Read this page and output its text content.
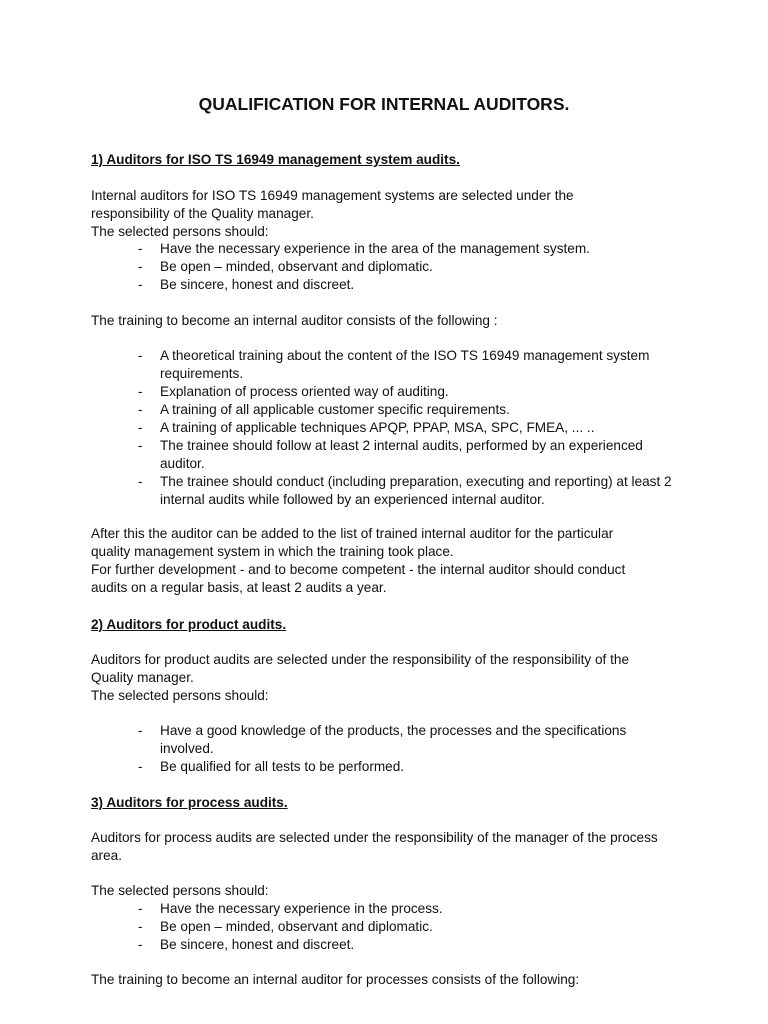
QUALIFICATION FOR INTERNAL AUDITORS.
1) Auditors for ISO TS 16949 management system audits.

Internal auditors for ISO TS 16949 management systems are selected under the responsibility of the Quality manager.

The selected persons should:

- Have the necessary experience in the area of the management system.
- Be open – minded, observant and diplomatic.
- Be sincere, honest and discreet.
The training to become an internal auditor consists of the following :
- A theoretical training about the content of the ISO TS 16949 management system requirements.
- Explanation of process oriented way of auditing.
- A training of all applicable customer specific requirements.
- A training of applicable techniques APQP, PPAP, MSA, SPC, FMEA, ... ..
- The trainee should follow at least 2 internal audits, performed by an experienced auditor.
- The trainee should conduct (including preparation, executing and reporting) at least 2 internal audits while followed by an experienced internal auditor.

After this the auditor can be added to the list of trained internal auditor for the particular quality management system in which the training took place.

For further development - and to become competent - the internal auditor should conduct audits on a regular basis, at least 2 audits a year.

2) Auditors for product audits.

Auditors for product audits are selected under the responsibility of the responsibility of the Quality manager.

The selected persons should:

- Have a good knowledge of the products, the processes and the specifications involved.
- Be qualified for all tests to be performed.
3) Auditors for process audits.
Auditors for process audits are selected under the responsibility of the manager of the process area.
The selected persons should:
- Have the necessary experience in the process.
- Be open – minded, observant and diplomatic.
- Be sincere, honest and discreet.
The training to become an internal auditor for processes consists of the following:
